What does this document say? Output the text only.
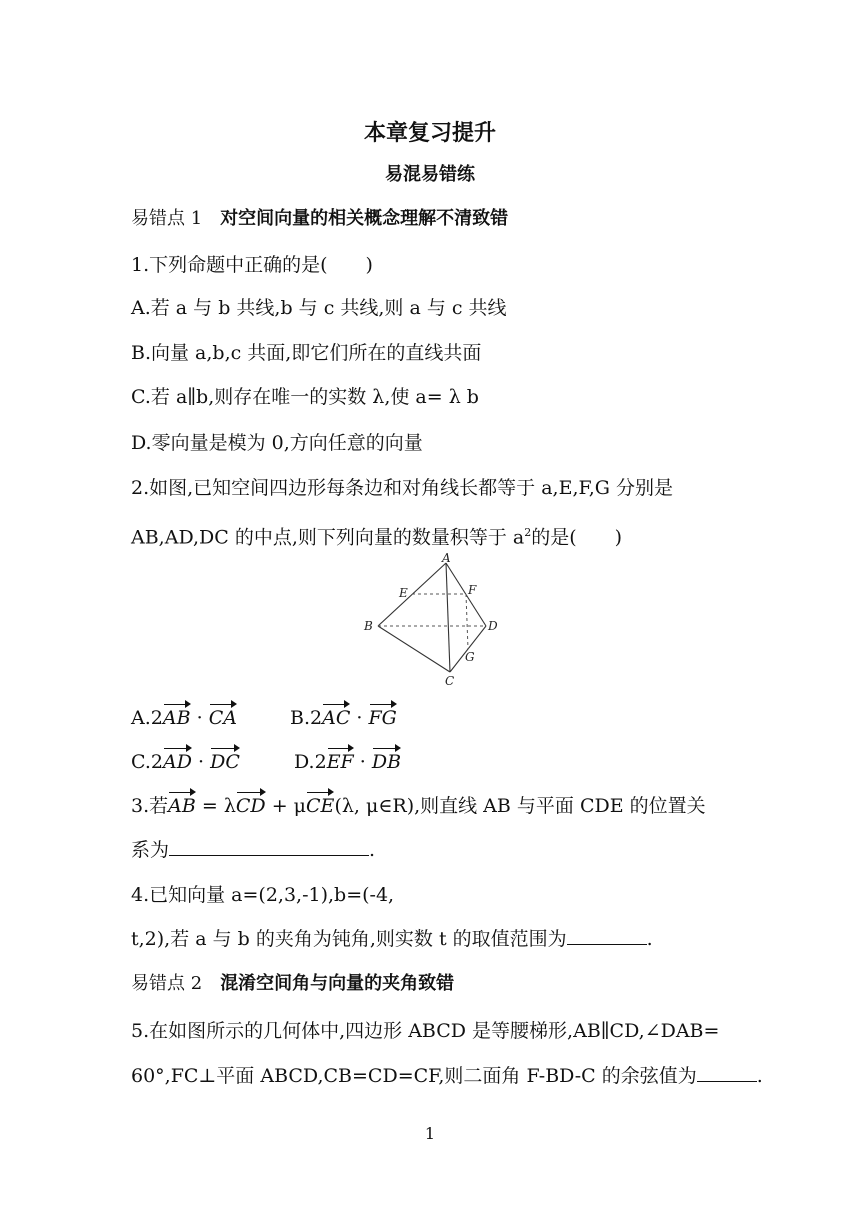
本章复习提升
易混易错练
易错点 1 对空间向量的相关概念理解不清致错
1.下列命题中正确的是(　　)
A.若 a 与 b 共线,b 与 c 共线,则 a 与 c 共线
B.向量 a,b,c 共面,即它们所在的直线共面
C.若 a∥b,则存在唯一的实数 λ,使 a= λ b
D.零向量是模为 0,方向任意的向量
2.如图,已知空间四边形每条边和对角线长都等于 a,E,F,G 分别是
AB,AD,DC 的中点,则下列向量的数量积等于 $a^2$的是(　　)
A
B
C
D
E	F
G
A.2AB · CA	B.2AC · FG
C.2AD · DC	D.2EF · DB
3.若AB = λCD + μCE(λ, μ∈R),则直线 AB 与平面 CDE 的位置关
系为	.
4.已知向量 a=(2,3,-1),b=(-4,
t,2),若 a 与 b 的夹角为钝角,则实数 t 的取值范围为	.
易错点 2 混淆空间角与向量的夹角致错
5.在如图所示的几何体中,四边形 ABCD 是等腰梯形,AB∥CD,∠DAB=
60°,FC⊥平面 ABCD,CB=CD=CF,则二面角 F-BD-C 的余弦值为	.
1
